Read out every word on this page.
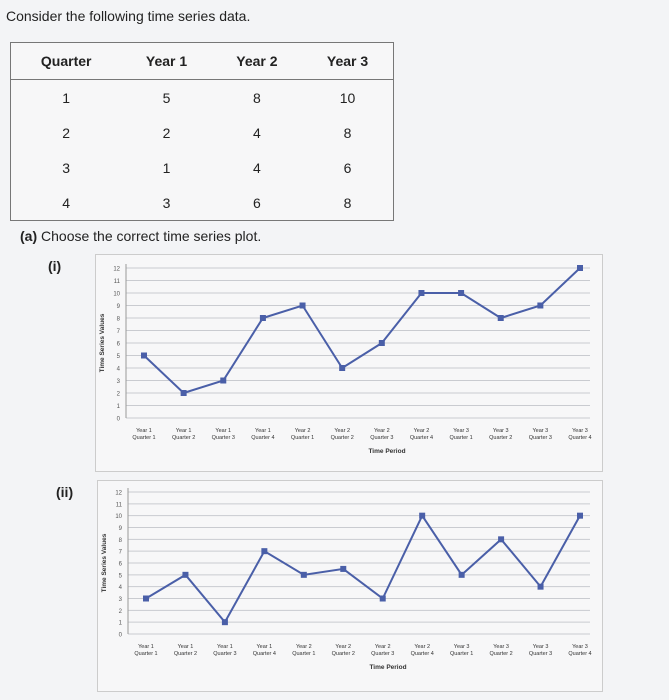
Consider the following time series data.
Quarter	Year 1	Year 2	Year 3
1	5	8	10
2	2	4	8
3	1	4	6
4	3	6	8
(a) Choose the correct time series plot.
(i)
0
1
2
3
4
5
6
7
8
9
10
11
12
Time Series Values
Year 1
Quarter 1
Year 1
Quarter 2
Year 1
Quarter 3
Year 1
Quarter 4
Year 2
Quarter 1
Year 2
Quarter 2
Year 2
Quarter 3
Year 2
Quarter 4
Year 3
Quarter 1
Year 3
Quarter 2
Year 3
Quarter 3
Year 3
Quarter 4
Time Period
(ii)
0
1
2
3
4
5
6
7
8
9
10
11
12
Time Series Values
Year 1
Quarter 1
Year 1
Quarter 2
Year 1
Quarter 3
Year 1
Quarter 4
Year 2
Quarter 1
Year 2
Quarter 2
Year 2
Quarter 3
Year 2
Quarter 4
Year 3
Quarter 1
Year 3
Quarter 2
Year 3
Quarter 3
Year 3
Quarter 4
Time Period
